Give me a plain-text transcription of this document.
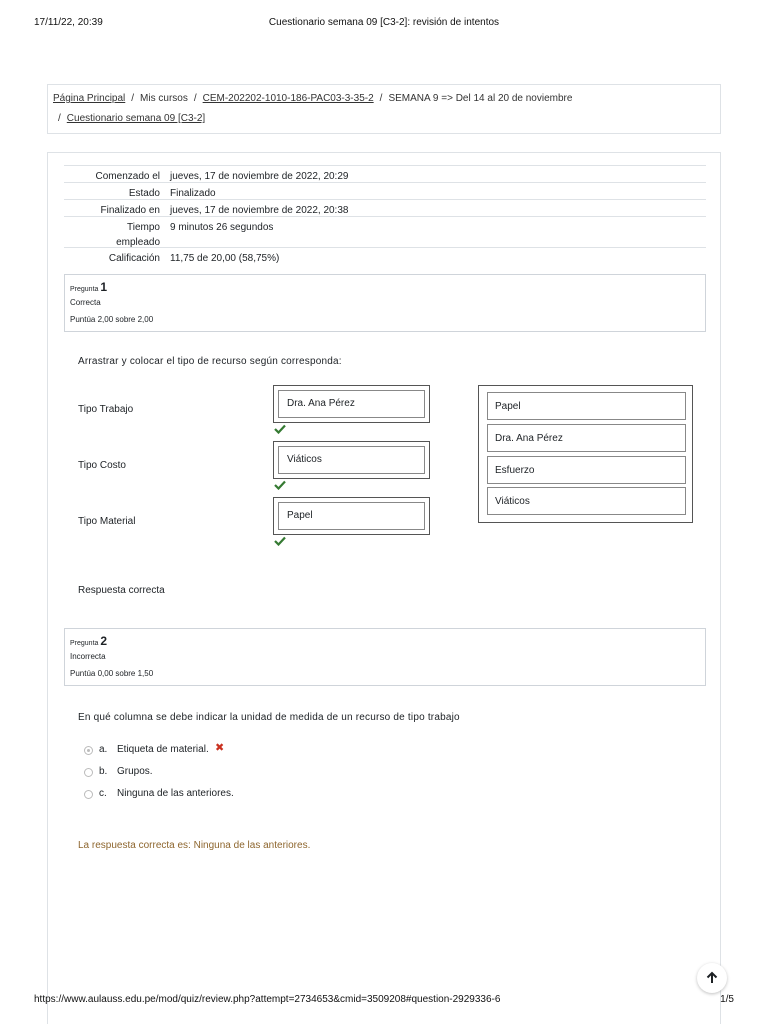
17/11/22, 20:39	Cuestionario semana 09 [C3-2]: revisión de intentos
Página Principal / Mis cursos / CEM-202202-1010-186-PAC03-3-35-2 / SEMANA 9 => Del 14 al 20 de noviembre
/ Cuestionario semana 09 [C3-2]
Comenzado el jueves, 17 de noviembre de 2022, 20:29
Estado Finalizado
Finalizado en jueves, 17 de noviembre de 2022, 20:38
Tiempo empleado
9 minutos 26 segundos
Calificación 11,75 de 20,00 (58,75%)
Pregunta 1
Correcta
Puntúa 2,00 sobre 2,00
Arrastrar y colocar el tipo de recurso según corresponda:
Tipo Trabajo
Dra. Ana Pérez
Tipo Costo
Viáticos
Tipo Material
Papel
Papel
Dra. Ana Pérez
Esfuerzo
Viáticos
Respuesta correcta
Pregunta 2
Incorrecta
Puntúa 0,00 sobre 1,50
En qué columna se debe indicar la unidad de medida de un recurso de tipo trabajo
a. Etiqueta de material. ✖
b. Grupos.
c. Ninguna de las anteriores.
La respuesta correcta es: Ninguna de las anteriores.
https://www.aulauss.edu.pe/mod/quiz/review.php?attempt=2734653&cmid=3509208#question-2929336-6	1/5
